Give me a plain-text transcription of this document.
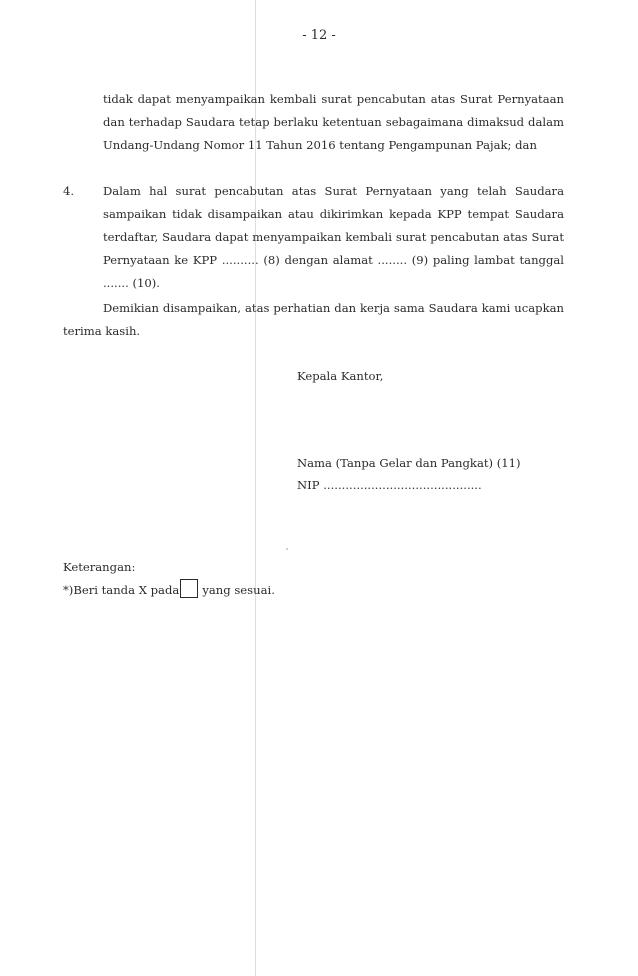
- 12 -
tidak dapat menyampaikan kembali surat pencabutan atas Surat Pernyataan dan terhadap Saudara tetap berlaku ketentuan sebagaimana dimaksud dalam Undang-Undang Nomor 11 Tahun 2016 tentang Pengampunan Pajak; dan
4. Dalam hal surat pencabutan atas Surat Pernyataan yang telah Saudara sampaikan tidak disampaikan atau dikirimkan kepada KPP tempat Saudara terdaftar, Saudara dapat menyampaikan kembali surat pencabutan atas Surat Pernyataan ke KPP .......... (8) dengan alamat ........ (9) paling lambat tanggal ....... (10).
Demikian disampaikan, atas perhatian dan kerja sama Saudara kami ucapkan terima kasih.
Kepala Kantor,
Nama (Tanpa Gelar dan Pangkat) (11)
NIP ...........................................
Keterangan:
*)Beri tanda X pada yang sesuai.
